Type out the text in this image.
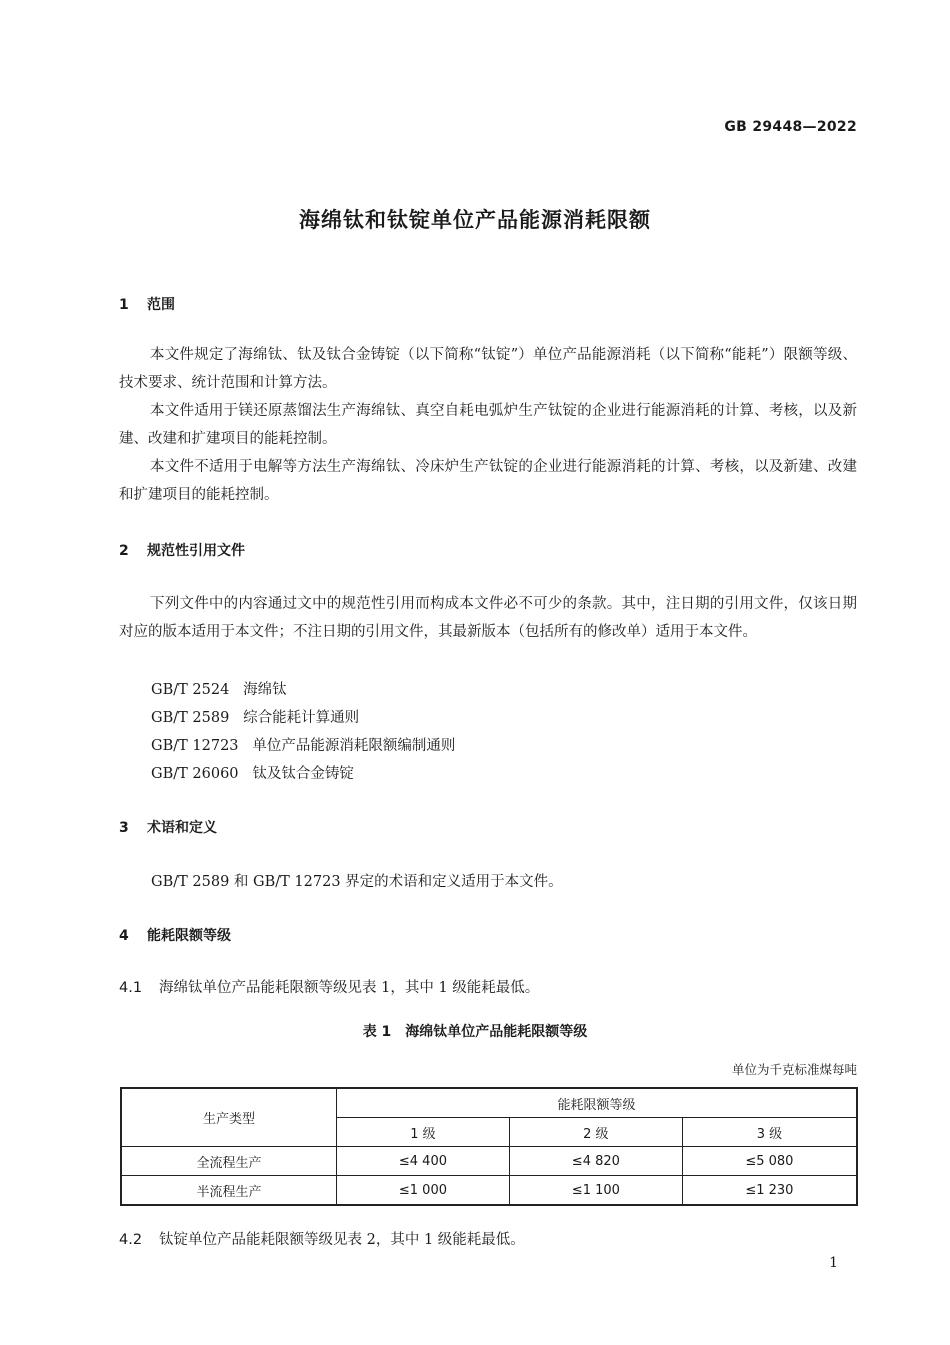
GB 29448—2022
海绵钛和钛锭单位产品能源消耗限额
1 范围
本文件规定了海绵钛、钛及钛合金铸锭（以下简称“钛锭”）单位产品能源消耗（以下简称“能耗”）限额等级、技术要求、统计范围和计算方法。
本文件适用于镁还原蒸馏法生产海绵钛、真空自耗电弧炉生产钛锭的企业进行能源消耗的计算、考核，以及新建、改建和扩建项目的能耗控制。
本文件不适用于电解等方法生产海绵钛、冷床炉生产钛锭的企业进行能源消耗的计算、考核，以及新建、改建和扩建项目的能耗控制。
2 规范性引用文件
下列文件中的内容通过文中的规范性引用而构成本文件必不可少的条款。其中，注日期的引用文件，仅该日期对应的版本适用于本文件；不注日期的引用文件，其最新版本（包括所有的修改单）适用于本文件。
GB/T 2524   海绵钛
GB/T 2589   综合能耗计算通则
GB/T 12723   单位产品能源消耗限额编制通则
GB/T 26060   钛及钛合金铸锭
3 术语和定义
GB/T 2589 和 GB/T 12723 界定的术语和定义适用于本文件。
4 能耗限额等级
4.1 海绵钛单位产品能耗限额等级见表 1，其中 1 级能耗最低。
表 1　海绵钛单位产品能耗限额等级
单位为千克标准煤每吨
生产类型	能耗限额等级		
	1 级	2 级	3 级
全流程生产	≤4 400	≤4 820	≤5 080
半流程生产	≤1 000	≤1 100	≤1 230
4.2 钛锭单位产品能耗限额等级见表 2，其中 1 级能耗最低。
1
